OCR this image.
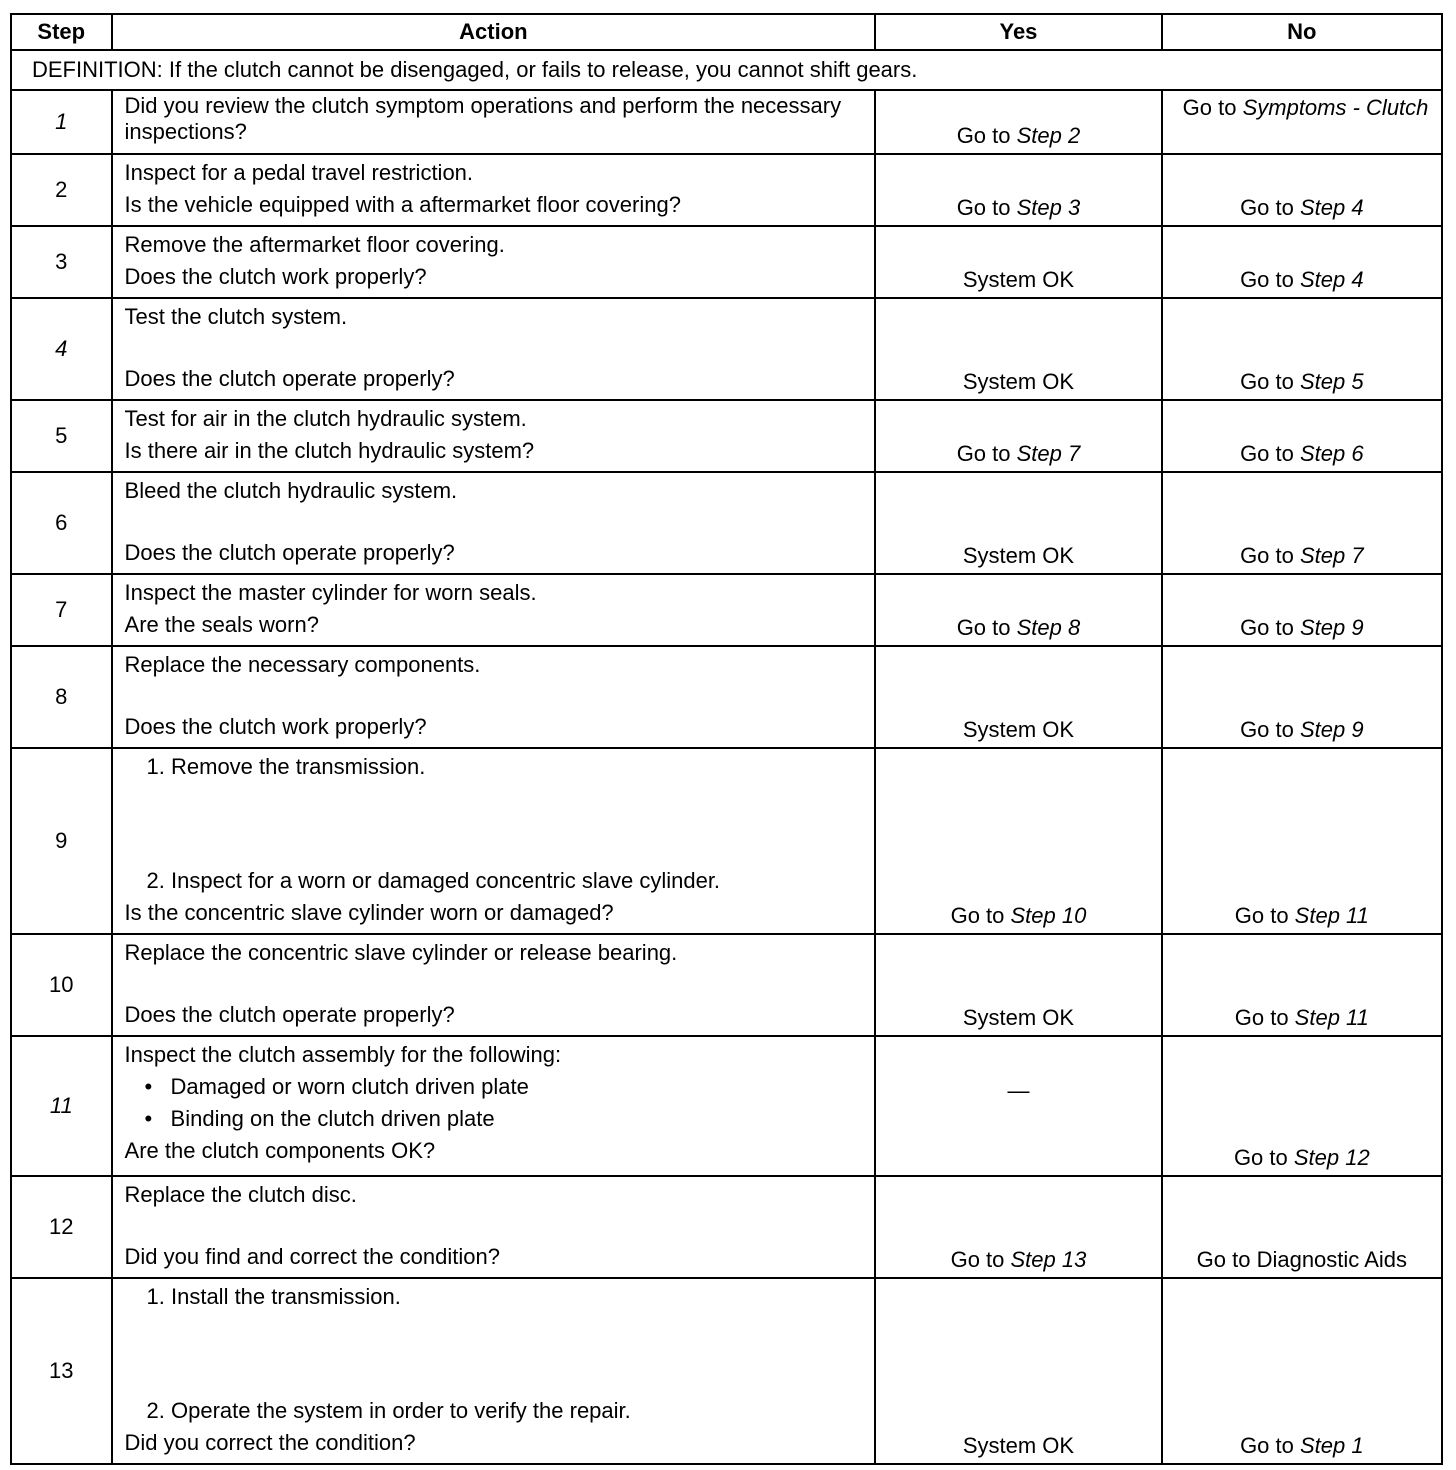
Step	Action	Yes	No
DEFINITION: If the clutch cannot be disengaged, or fails to release, you cannot shift gears.			
1	Did you review the clutch symptom operations and perform the necessary inspections?	Go to Step 2	Go to Symptoms - Clutch
2	Inspect for a pedal travel restriction.
Is the vehicle equipped with a aftermarket floor covering?	Go to Step 3	Go to Step 4
3	Remove the aftermarket floor covering.
Does the clutch work properly?	System OK	Go to Step 4
4	Test the clutch system.
Does the clutch operate properly?	System OK	Go to Step 5
5	Test for air in the clutch hydraulic system.
Is there air in the clutch hydraulic system?	Go to Step 7	Go to Step 6
6	Bleed the clutch hydraulic system.
Does the clutch operate properly?	System OK	Go to Step 7
7	Inspect the master cylinder for worn seals.
Are the seals worn?	Go to Step 8	Go to Step 9
8	Replace the necessary components.
Does the clutch work properly?	System OK	Go to Step 9
9	1. Remove the transmission.
2. Inspect for a worn or damaged concentric slave cylinder.
Is the concentric slave cylinder worn or damaged?	Go to Step 10	Go to Step 11
10	Replace the concentric slave cylinder or release bearing.
Does the clutch operate properly?	System OK	Go to Step 11
11	Inspect the clutch assembly for the following:
• Damaged or worn clutch driven plate
• Binding on the clutch driven plate
Are the clutch components OK?	—	Go to Step 12
12	Replace the clutch disc.
Did you find and correct the condition?	Go to Step 13	Go to Diagnostic Aids
13	1. Install the transmission.
2. Operate the system in order to verify the repair.
Did you correct the condition?	System OK	Go to Step 1
